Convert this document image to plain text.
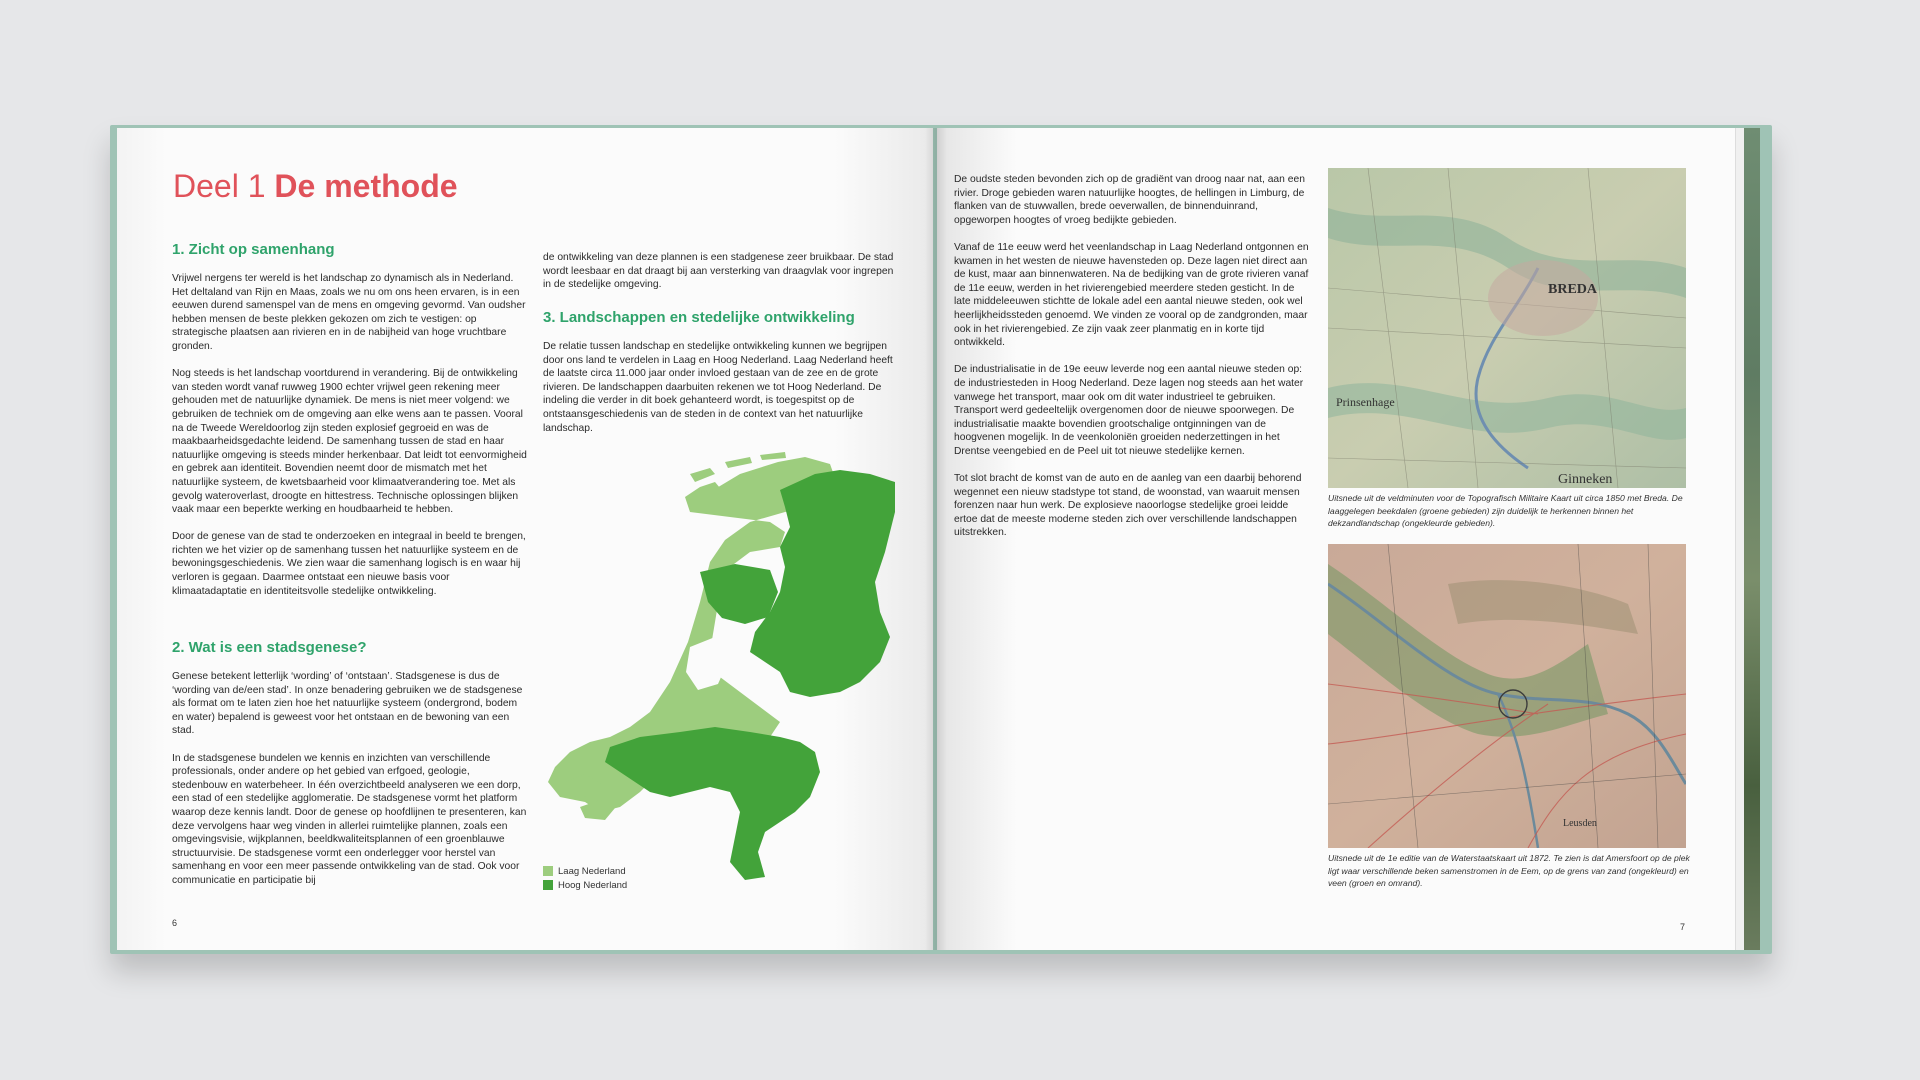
Deel 1 De methode
1. Zicht op samenhang
Vrijwel nergens ter wereld is het landschap zo dynamisch als in Nederland. Het deltaland van Rijn en Maas, zoals we nu om ons heen ervaren, is in een eeuwen durend samenspel van de mens en omgeving gevormd. Van oudsher hebben mensen de beste plekken gekozen om zich te vestigen: op strategische plaatsen aan rivieren en in de nabijheid van hoge vruchtbare gronden.
Nog steeds is het landschap voortdurend in verandering. Bij de ontwikkeling van steden wordt vanaf ruwweg 1900 echter vrijwel geen rekening meer gehouden met de natuurlijke dynamiek. De mens is niet meer volgend: we gebruiken de techniek om de omgeving aan elke wens aan te passen. Vooral na de Tweede Wereldoorlog zijn steden explosief gegroeid en was de maakbaarheidsgedachte leidend. De samenhang tussen de stad en haar natuurlijke omgeving is steeds minder herkenbaar. Dat leidt tot eenvormigheid en gebrek aan identiteit. Bovendien neemt door de mismatch met het natuurlijke systeem, de kwetsbaarheid voor klimaatverandering toe. Met als gevolg wateroverlast, droogte en hittestress. Technische oplossingen blijken vaak maar een beperkte werking en houdbaarheid te hebben.
Door de genese van de stad te onderzoeken en integraal in beeld te brengen, richten we het vizier op de samenhang tussen het natuurlijke systeem en de bewoningsgeschiedenis. We zien waar die samenhang logisch is en waar hij verloren is gegaan. Daarmee ontstaat een nieuwe basis voor klimaatadaptatie en identiteitsvolle stedelijke ontwikkeling.
2. Wat is een stadsgenese?
Genese betekent letterlijk ‘wording’ of ‘ontstaan’. Stadsgenese is dus de ‘wording van de/een stad’. In onze benadering gebruiken we de stadsgenese als format om te laten zien hoe het natuurlijke systeem (ondergrond, bodem en water) bepalend is geweest voor het ontstaan en de bewoning van een stad.
In de stadsgenese bundelen we kennis en inzichten van verschillende professionals, onder andere op het gebied van erfgoed, geologie, stedenbouw en waterbeheer. In één overzichtbeeld analyseren we een dorp, een stad of een stedelijke agglomeratie. De stadsgenese vormt het platform waarop deze kennis landt. Door de genese op hoofdlijnen te presenteren, kan deze vervolgens haar weg vinden in allerlei ruimtelijke plannen, zoals een omgevingsvisie, wijkplannen, beeldkwaliteitsplannen of een groenblauwe structuurvisie. De stadsgenese vormt een onderlegger voor herstel van samenhang en voor een meer passende ontwikkeling van de stad. Ook voor communicatie en participatie bij
de ontwikkeling van deze plannen is een stadgenese zeer bruikbaar. De stad wordt leesbaar en dat draagt bij aan versterking van draagvlak voor ingrepen in de stedelijke omgeving.
3. Landschappen en stedelijke ontwikkeling
De relatie tussen landschap en stedelijke ontwikkeling kunnen we begrijpen door ons land te verdelen in Laag en Hoog Nederland. Laag Nederland heeft de laatste circa 11.000 jaar onder invloed gestaan van de zee en de grote rivieren. De landschappen daarbuiten rekenen we tot Hoog Nederland. De indeling die verder in dit boek gehanteerd wordt, is toegespitst op de ontstaansgeschiedenis van de steden in de context van het natuurlijke landschap.
Laag Nederland
Hoog Nederland
6
De oudste steden bevonden zich op de gradiënt van droog naar nat, aan een rivier. Droge gebieden waren natuurlijke hoogtes, de hellingen in Limburg, de flanken van de stuwwallen, brede oeverwallen, de binnenduinrand, opgeworpen hoogtes of vroeg bedijkte gebieden.
Vanaf de 11e eeuw werd het veenlandschap in Laag Nederland ontgonnen en kwamen in het westen de nieuwe havensteden op. Deze lagen niet direct aan de kust, maar aan binnenwateren. Na de bedijking van de grote rivieren vanaf de 11e eeuw, werden in het rivierengebied meerdere steden gesticht. In de late middeleeuwen stichtte de lokale adel een aantal nieuwe steden, ook wel heerlijkheidssteden genoemd. We vinden ze vooral op de zandgronden, maar ook in het rivierengebied. Ze zijn vaak zeer planmatig en in korte tijd ontwikkeld.
De industrialisatie in de 19e eeuw leverde nog een aantal nieuwe steden op: de industriesteden in Hoog Nederland. Deze lagen nog steeds aan het water vanwege het transport, maar ook om dit water industrieel te gebruiken. Transport werd gedeeltelijk overgenomen door de nieuwe spoorwegen. De industrialisatie maakte bovendien grootschalige ontginningen van de hoogvenen mogelijk. In de veenkoloniën groeiden nederzettingen in het Drentse veengebied en de Peel uit tot nieuwe stedelijke kernen.
Tot slot bracht de komst van de auto en de aanleg van een daarbij behorend wegennet een nieuw stadstype tot stand, de woonstad, van waaruit mensen forenzen naar hun werk. De explosieve naoorlogse stedelijke groei leidde ertoe dat de meeste moderne steden zich over verschillende landschappen uitstrekken.
BREDA
Prinsenhage
Ginneken
Uitsnede uit de veldminuten voor de Topografisch Militaire Kaart uit circa 1850 met Breda. De laaggelegen beekdalen (groene gebieden) zijn duidelijk te herkennen binnen het dekzandlandschap (ongekleurde gebieden).
Leusden
Uitsnede uit de 1e editie van de Waterstaatskaart uit 1872. Te zien is dat Amersfoort op de plek ligt waar verschillende beken samenstromen in de Eem, op de grens van zand (ongekleurd) en veen (groen en omrand).
7
